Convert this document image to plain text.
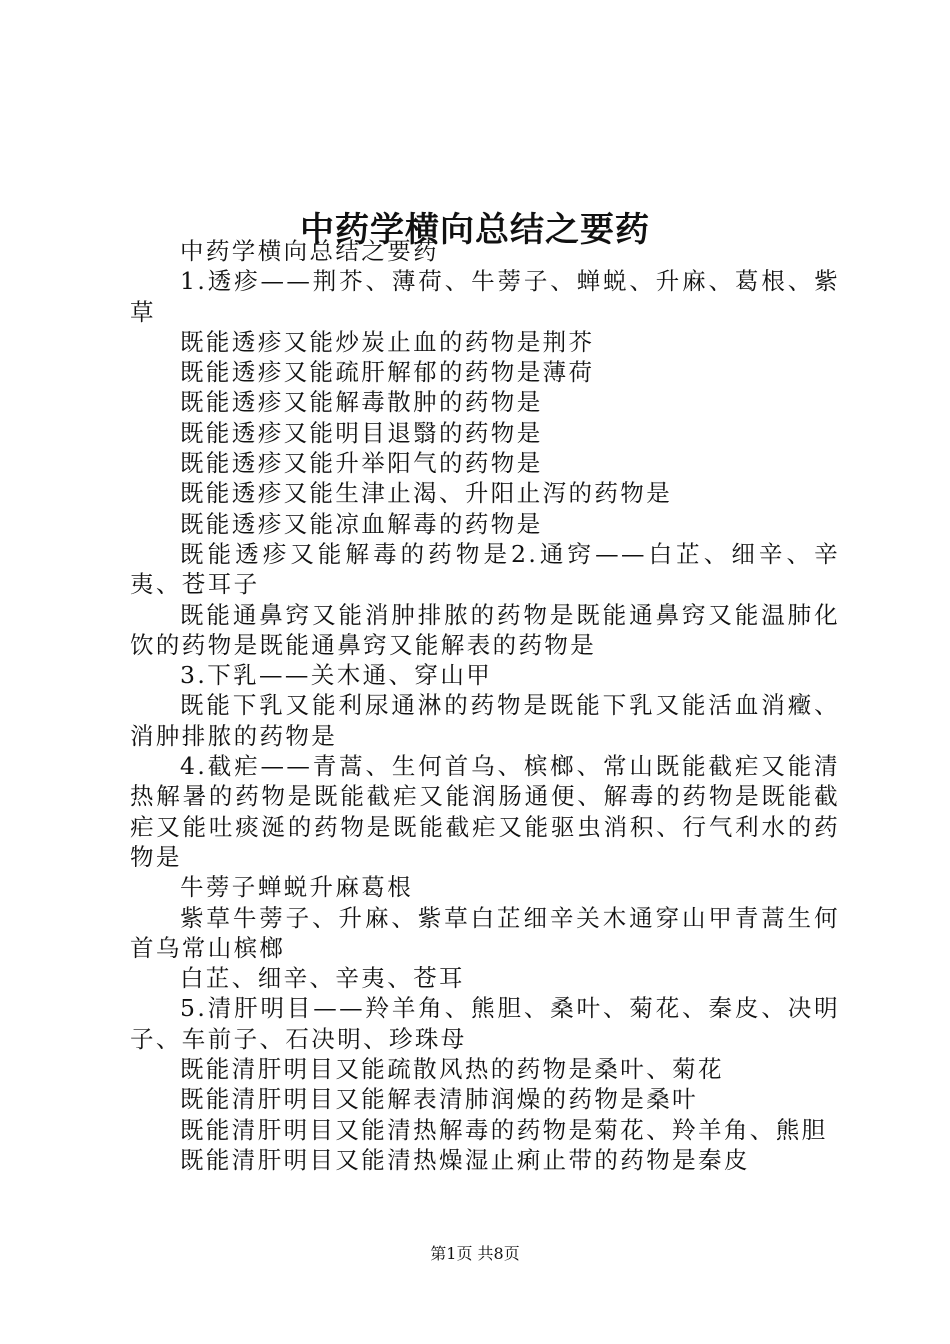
中药学横向总结之要药

中药学横向总结之要药

1.透疹——荆芥、薄荷、牛蒡子、蝉蜕、升麻、葛根、紫草

既能透疹又能炒炭止血的药物是荆芥

既能透疹又能疏肝解郁的药物是薄荷

既能透疹又能解毒散肿的药物是

既能透疹又能明目退翳的药物是

既能透疹又能升举阳气的药物是

既能透疹又能生津止渴、升阳止泻的药物是

既能透疹又能凉血解毒的药物是

既能透疹又能解毒的药物是2.通窍——白芷、细辛、辛夷、苍耳子

既能通鼻窍又能消肿排脓的药物是既能通鼻窍又能温肺化饮的药物是既能通鼻窍又能解表的药物是

3.下乳——关木通、穿山甲

既能下乳又能利尿通淋的药物是既能下乳又能活血消癥、消肿排脓的药物是

4.截疟——青蒿、生何首乌、槟榔、常山既能截疟又能清热解暑的药物是既能截疟又能润肠通便、解毒的药物是既能截疟又能吐痰涎的药物是既能截疟又能驱虫消积、行气利水的药物是

牛蒡子蝉蜕升麻葛根

紫草牛蒡子、升麻、紫草白芷细辛关木通穿山甲青蒿生何首乌常山槟榔

白芷、细辛、辛夷、苍耳

5.清肝明目——羚羊角、熊胆、桑叶、菊花、秦皮、决明子、车前子、石决明、珍珠母

既能清肝明目又能疏散风热的药物是桑叶、菊花

既能清肝明目又能解表清肺润燥的药物是桑叶

既能清肝明目又能清热解毒的药物是菊花、羚羊角、熊胆

既能清肝明目又能清热燥湿止痢止带的药物是秦皮

第1页 共8页
